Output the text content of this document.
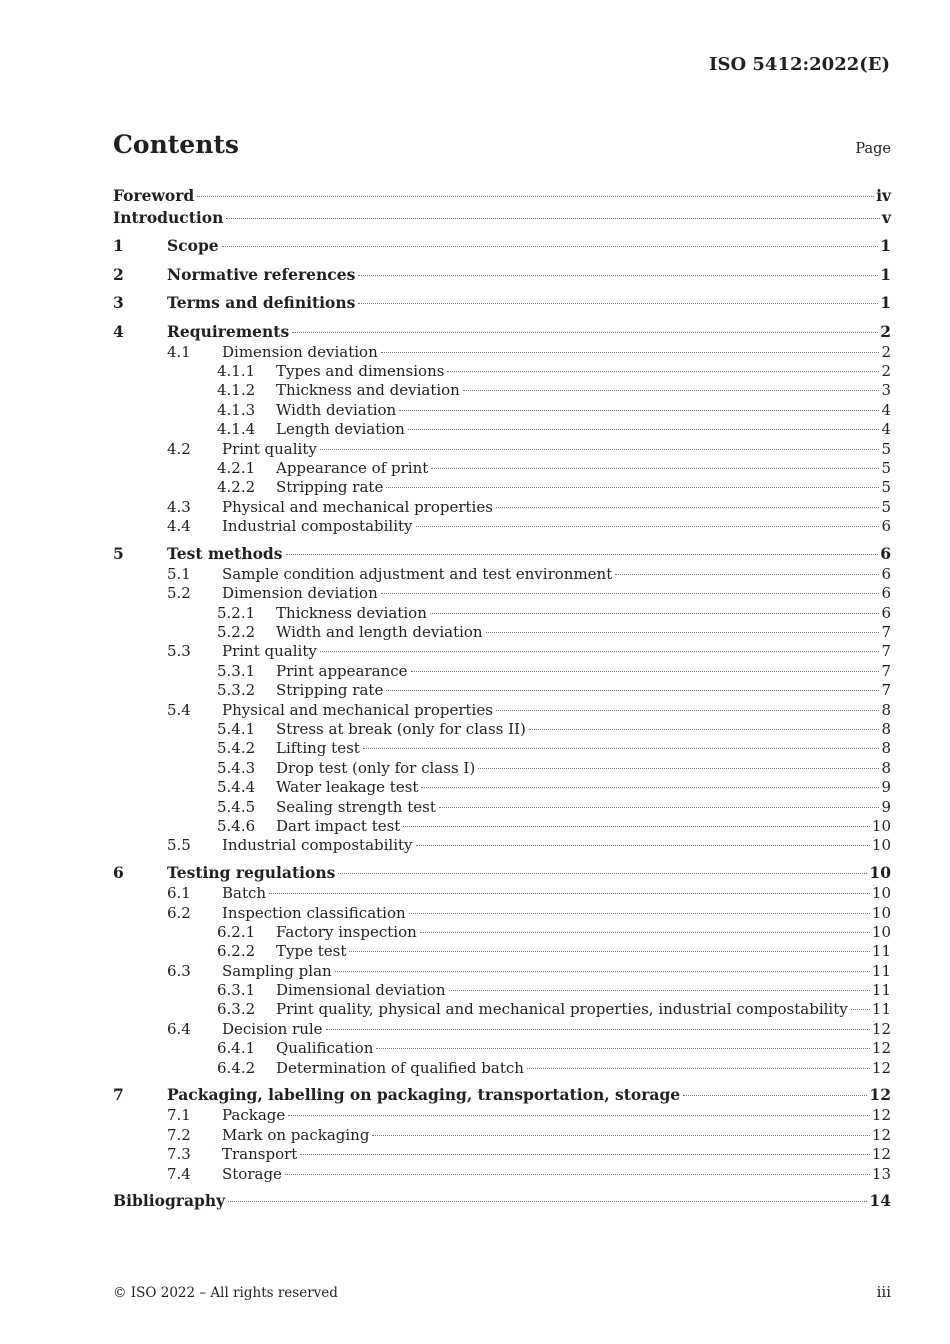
ISO 5412:2022(E)
Contents	Page
Foreword	iv
Introduction	v
1	Scope	1
2	Normative references	1
3	Terms and definitions	1
4	Requirements	2
4.1 Dimension deviation	2
4.1.1 Types and dimensions	2
4.1.2 Thickness and deviation	3
4.1.3 Width deviation	4
4.1.4 Length deviation	4
4.2 Print quality	5
4.2.1 Appearance of print	5
4.2.2 Stripping rate	5
4.3 Physical and mechanical properties	5
4.4 Industrial compostability	6
5	Test methods	6
5.1 Sample condition adjustment and test environment	6
5.2 Dimension deviation	6
5.2.1 Thickness deviation	6
5.2.2 Width and length deviation	7
5.3 Print quality	7
5.3.1 Print appearance	7
5.3.2 Stripping rate	7
5.4 Physical and mechanical properties	8
5.4.1 Stress at break (only for class II)	8
5.4.2 Lifting test	8
5.4.3 Drop test (only for class I)	8
5.4.4 Water leakage test	9
5.4.5 Sealing strength test	9
5.4.6 Dart impact test	10
5.5 Industrial compostability	10
6	Testing regulations	10
6.1 Batch	10
6.2 Inspection classification	10
6.2.1 Factory inspection	10
6.2.2 Type test	11
6.3 Sampling plan	11
6.3.1 Dimensional deviation	11
6.3.2 Print quality, physical and mechanical properties, industrial compostability 11
6.4 Decision rule	12
6.4.1 Qualification	12
6.4.2 Determination of qualified batch	12
7	Packaging, labelling on packaging, transportation, storage	12
7.1 Package	12
7.2 Mark on packaging	12
7.3 Transport	12
7.4 Storage	13
Bibliography	14
© ISO 2022 – All rights reserved	iii
